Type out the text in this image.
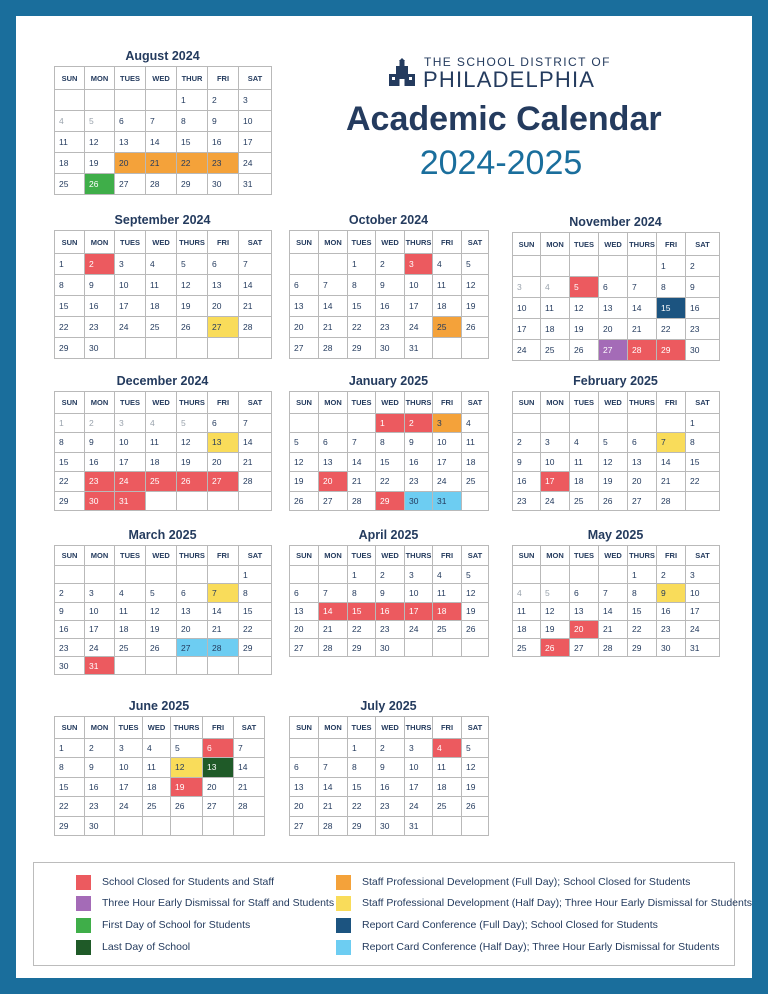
THE SCHOOL DISTRICT OF
PHILADELPHIA
Academic Calendar
2024-2025
August 2024
SUN	MON	TUES	WED	THUR	FRI	SAT
				1	2	3
4	5	6	7	8	9	10
11	12	13	14	15	16	17
18	19	20	21	22	23	24
25	26	27	28	29	30	31
September 2024
SUN	MON	TUES	WED	THURS	FRI	SAT
1	2	3	4	5	6	7
8	9	10	11	12	13	14
15	16	17	18	19	20	21
22	23	24	25	26	27	28
29	30					
October 2024
SUN	MON	TUES	WED	THURS	FRI	SAT
		1	2	3	4	5
6	7	8	9	10	11	12
13	14	15	16	17	18	19
20	21	22	23	24	25	26
27	28	29	30	31		
November 2024
SUN	MON	TUES	WED	THURS	FRI	SAT
					1	2
3	4	5	6	7	8	9
10	11	12	13	14	15	16
17	18	19	20	21	22	23
24	25	26	27	28	29	30
December 2024
SUN	MON	TUES	WED	THURS	FRI	SAT
1	2	3	4	5	6	7
8	9	10	11	12	13	14
15	16	17	18	19	20	21
22	23	24	25	26	27	28
29	30	31				
January 2025
SUN	MON	TUES	WED	THURS	FRI	SAT
			1	2	3	4
5	6	7	8	9	10	11
12	13	14	15	16	17	18
19	20	21	22	23	24	25
26	27	28	29	30	31	
February 2025
SUN	MON	TUES	WED	THURS	FRI	SAT
						1
2	3	4	5	6	7	8
9	10	11	12	13	14	15
16	17	18	19	20	21	22
23	24	25	26	27	28	
March 2025
SUN	MON	TUES	WED	THURS	FRI	SAT
						1
2	3	4	5	6	7	8
9	10	11	12	13	14	15
16	17	18	19	20	21	22
23	24	25	26	27	28	29
30	31					
April 2025
SUN	MON	TUES	WED	THURS	FRI	SAT
		1	2	3	4	5
6	7	8	9	10	11	12
13	14	15	16	17	18	19
20	21	22	23	24	25	26
27	28	29	30			
May 2025
SUN	MON	TUES	WED	THURS	FRI	SAT
				1	2	3
4	5	6	7	8	9	10
11	12	13	14	15	16	17
18	19	20	21	22	23	24
25	26	27	28	29	30	31
June 2025
SUN	MON	TUES	WED	THURS	FRI	SAT
1	2	3	4	5	6	7
8	9	10	11	12	13	14
15	16	17	18	19	20	21
22	23	24	25	26	27	28
29	30					
July 2025
SUN	MON	TUES	WED	THURS	FRI	SAT
		1	2	3	4	5
6	7	8	9	10	11	12
13	14	15	16	17	18	19
20	21	22	23	24	25	26
27	28	29	30	31		
School Closed for Students and Staff
Three Hour Early Dismissal for Staff and Students
First Day of School for Students
Last Day of School
Staff Professional Development (Full Day); School Closed for Students
Staff Professional Development (Half Day); Three Hour Early Dismissal for Students
Report Card Conference (Full Day); School Closed for Students
Report Card Conference (Half Day); Three Hour Early Dismissal for Students
